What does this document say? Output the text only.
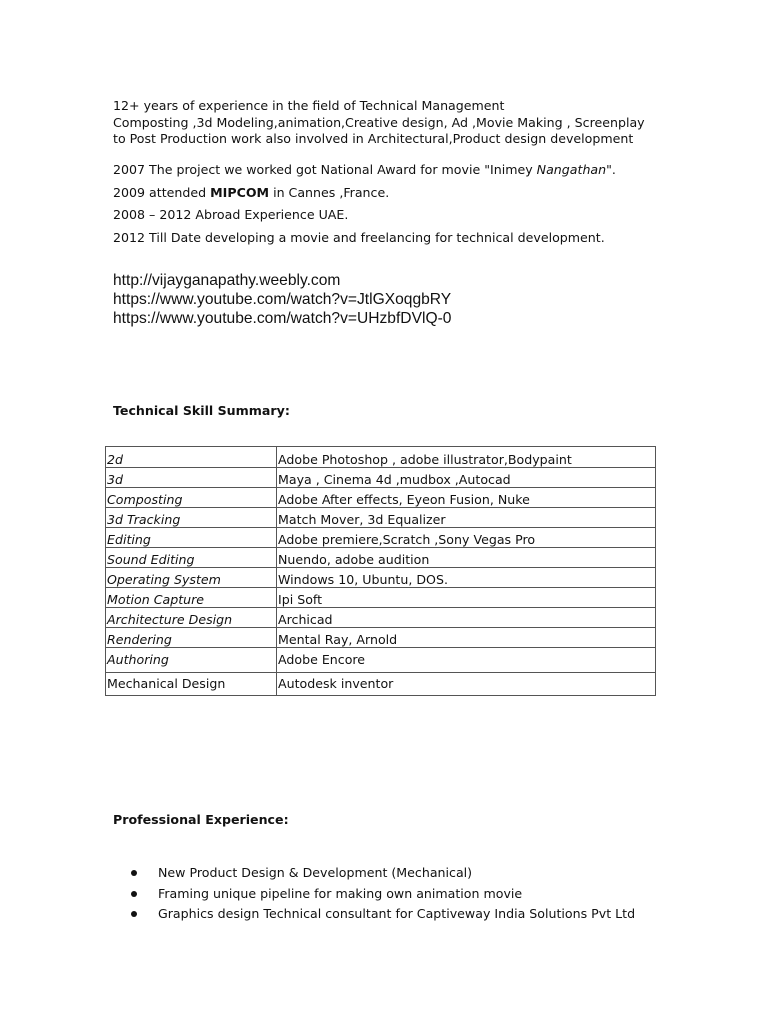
12+ years of experience in the field of Technical Management
Composting ,3d Modeling,animation,Creative design, Ad ,Movie Making , Screenplay
to Post Production work also involved in Architectural,Product design development
2007 The project we worked got National Award for movie "Inimey Nangathan".
2009 attended MIPCOM in Cannes ,France.
2008 – 2012 Abroad Experience UAE.
2012 Till Date developing a movie and freelancing for technical development.
http://vijayganapathy.weebly.com
https://www.youtube.com/watch?v=JtlGXoqgbRY
https://www.youtube.com/watch?v=UHzbfDVlQ-0
Technical Skill Summary:
2d	Adobe Photoshop , adobe illustrator,Bodypaint
3d	Maya , Cinema 4d ,mudbox ,Autocad
Composting	Adobe After effects, Eyeon Fusion, Nuke
3d Tracking	Match Mover, 3d Equalizer
Editing	Adobe premiere,Scratch ,Sony Vegas Pro
Sound Editing	Nuendo, adobe audition
Operating System	Windows 10, Ubuntu, DOS.
Motion Capture	Ipi Soft
Architecture Design	Archicad
Rendering	Mental Ray, Arnold
Authoring	Adobe Encore
Mechanical Design	Autodesk inventor
Professional Experience:
New Product Design & Development (Mechanical)
Framing unique pipeline for making own animation movie
Graphics design Technical consultant for Captiveway India Solutions Pvt Ltd
